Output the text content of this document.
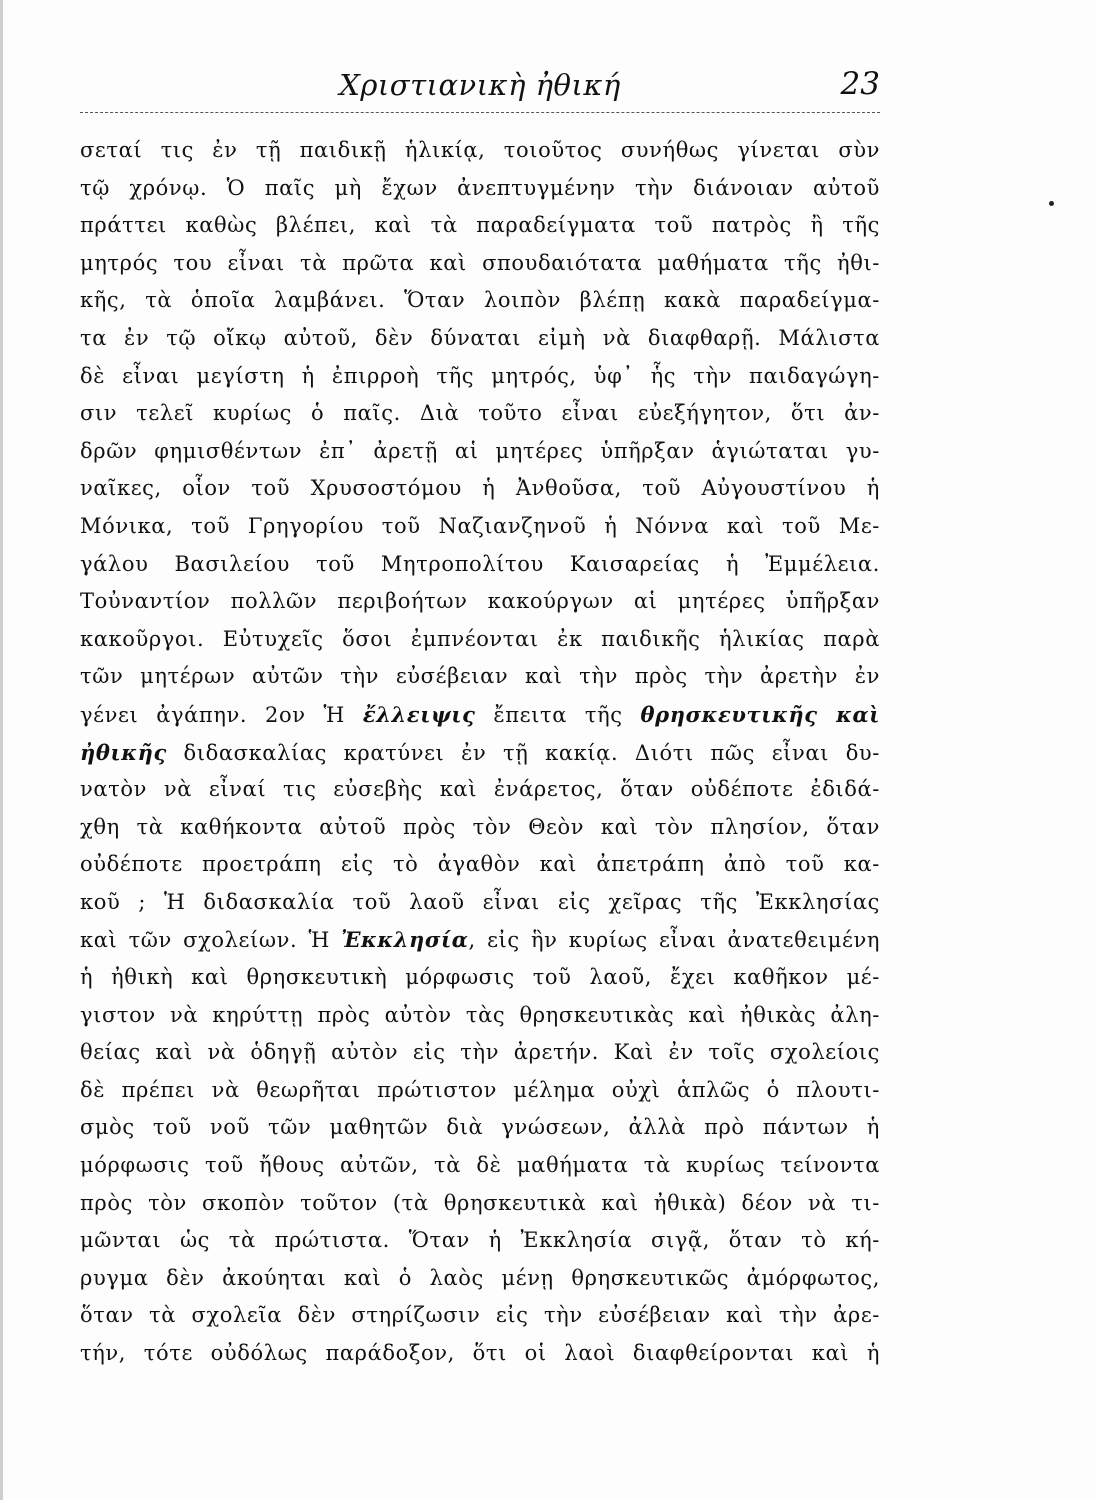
Χριστιανικὴ ἠθική	23
σεταί τις ἐν τῇ παιδικῇ ἡλικίᾳ, τοιοῦτος συνήθως γίνεται σὺν
τῷ χρόνῳ. Ὁ παῖς μὴ ἔχων ἀνεπτυγμένην τὴν διάνοιαν αὐτοῦ
πράττει καθὼς βλέπει, καὶ τὰ παραδείγματα τοῦ πατρὸς ἢ τῆς
μητρός του εἶναι τὰ πρῶτα καὶ σπουδαιότατα μαθήματα τῆς ἠθι-
κῆς, τὰ ὁποῖα λαμβάνει. Ὅταν λοιπὸν βλέπῃ κακὰ παραδείγμα-
τα ἐν τῷ οἴκῳ αὐτοῦ, δὲν δύναται εἰμὴ νὰ διαφθαρῇ. Μάλιστα
δὲ εἶναι μεγίστη ἡ ἐπιρροὴ τῆς μητρός, ὑφ᾿ ἧς τὴν παιδαγώγη-
σιν τελεῖ κυρίως ὁ παῖς. Διὰ τοῦτο εἶναι εὐεξήγητον, ὅτι ἀν-
δρῶν φημισθέντων ἐπ᾿ ἀρετῇ αἱ μητέρες ὑπῆρξαν ἁγιώταται γυ-
ναῖκες, οἷον τοῦ Χρυσοστόμου ἡ Ἀνθοῦσα, τοῦ Αὐγουστίνου ἡ
Μόνικα, τοῦ Γρηγορίου τοῦ Ναζιανζηνοῦ ἡ Νόννα καὶ τοῦ Με-
γάλου Βασιλείου τοῦ Μητροπολίτου Καισαρείας ἡ Ἐμμέλεια.
Τοὐναντίον πολλῶν περιβοήτων κακούργων αἱ μητέρες ὑπῆρξαν
κακοῦργοι. Εὐτυχεῖς ὅσοι ἐμπνέονται ἐκ παιδικῆς ἡλικίας παρὰ
τῶν μητέρων αὐτῶν τὴν εὐσέβειαν καὶ τὴν πρὸς τὴν ἀρετὴν ἐν
γένει ἀγάπην. 2ον Ἡ ἔλλειψις ἔπειτα τῆς θρησκευτικῆς καὶ
ἠθικῆς διδασκαλίας κρατύνει ἐν τῇ κακίᾳ. Διότι πῶς εἶναι δυ-
νατὸν νὰ εἶναί τις εὐσεβὴς καὶ ἐνάρετος, ὅταν οὐδέποτε ἐδιδά-
χθη τὰ καθήκοντα αὐτοῦ πρὸς τὸν Θεὸν καὶ τὸν πλησίον, ὅταν
οὐδέποτε προετράπη εἰς τὸ ἀγαθὸν καὶ ἀπετράπη ἀπὸ τοῦ κα-
κοῦ ; Ἡ διδασκαλία τοῦ λαοῦ εἶναι εἰς χεῖρας τῆς Ἐκκλησίας
καὶ τῶν σχολείων. Ἡ Ἐκκλησία, εἰς ἣν κυρίως εἶναι ἀνατεθειμένη
ἡ ἠθικὴ καὶ θρησκευτικὴ μόρφωσις τοῦ λαοῦ, ἔχει καθῆκον μέ-
γιστον νὰ κηρύττῃ πρὸς αὐτὸν τὰς θρησκευτικὰς καὶ ἠθικὰς ἀλη-
θείας καὶ νὰ ὁδηγῇ αὐτὸν εἰς τὴν ἀρετήν. Καὶ ἐν τοῖς σχολείοις
δὲ πρέπει νὰ θεωρῆται πρώτιστον μέλημα οὐχὶ ἁπλῶς ὁ πλουτι-
σμὸς τοῦ νοῦ τῶν μαθητῶν διὰ γνώσεων, ἀλλὰ πρὸ πάντων ἡ
μόρφωσις τοῦ ἤθους αὐτῶν, τὰ δὲ μαθήματα τὰ κυρίως τείνοντα
πρὸς τὸν σκοπὸν τοῦτον (τὰ θρησκευτικὰ καὶ ἠθικὰ) δέον νὰ τι-
μῶνται ὡς τὰ πρώτιστα. Ὅταν ἡ Ἐκκλησία σιγᾷ, ὅταν τὸ κή-
ρυγμα δὲν ἀκούηται καὶ ὁ λαὸς μένῃ θρησκευτικῶς ἀμόρφωτος,
ὅταν τὰ σχολεῖα δὲν στηρίζωσιν εἰς τὴν εὐσέβειαν καὶ τὴν ἀρε-
τήν, τότε οὐδόλως παράδοξον, ὅτι οἱ λαοὶ διαφθείρονται καὶ ἡ
